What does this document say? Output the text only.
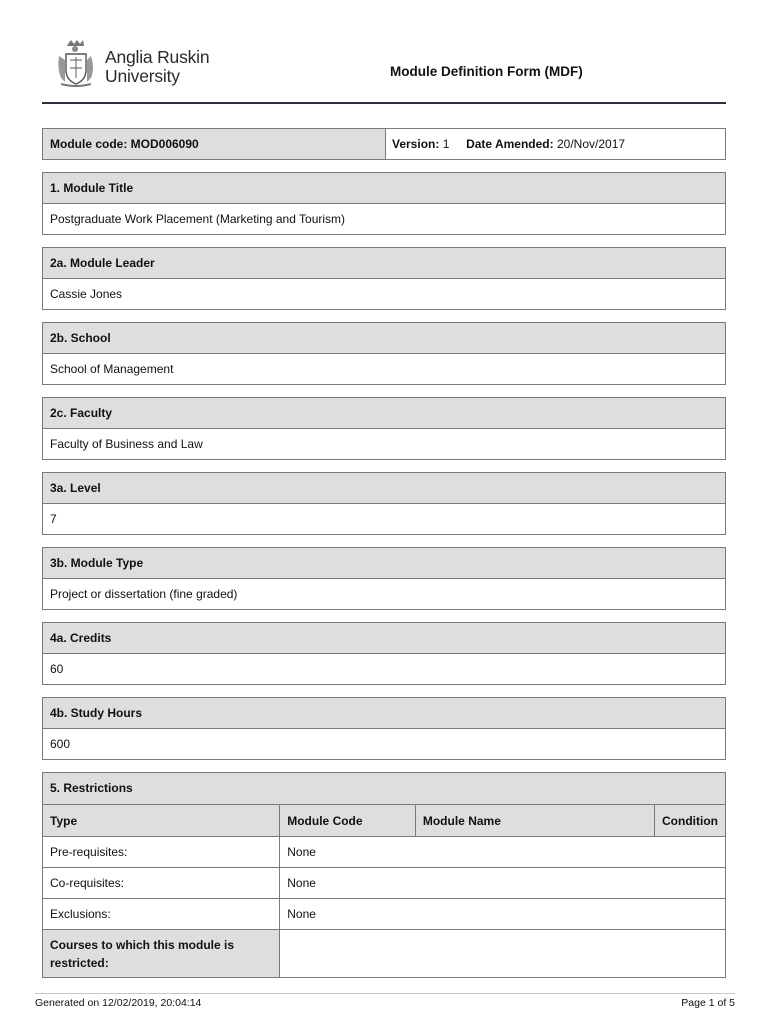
Anglia Ruskin
University	Module Definition Form (MDF)
Module code: MOD006090	Version: 1 Date Amended: 20/Nov/2017
1. Module Title
Postgraduate Work Placement (Marketing and Tourism)
2a. Module Leader
Cassie Jones
2b. School
School of Management
2c. Faculty
Faculty of Business and Law
3a. Level
7
3b. Module Type
Project or dissertation (fine graded)
4a. Credits
60
4b. Study Hours
600
5. Restrictions
Type	Module Code	Module Name	Condition
Pre-requisites:	None		
Co-requisites:	None		
Exclusions:	None		
Courses to which this module is restricted:			
Generated on 12/02/2019, 20:04:14	Page 1 of 5
